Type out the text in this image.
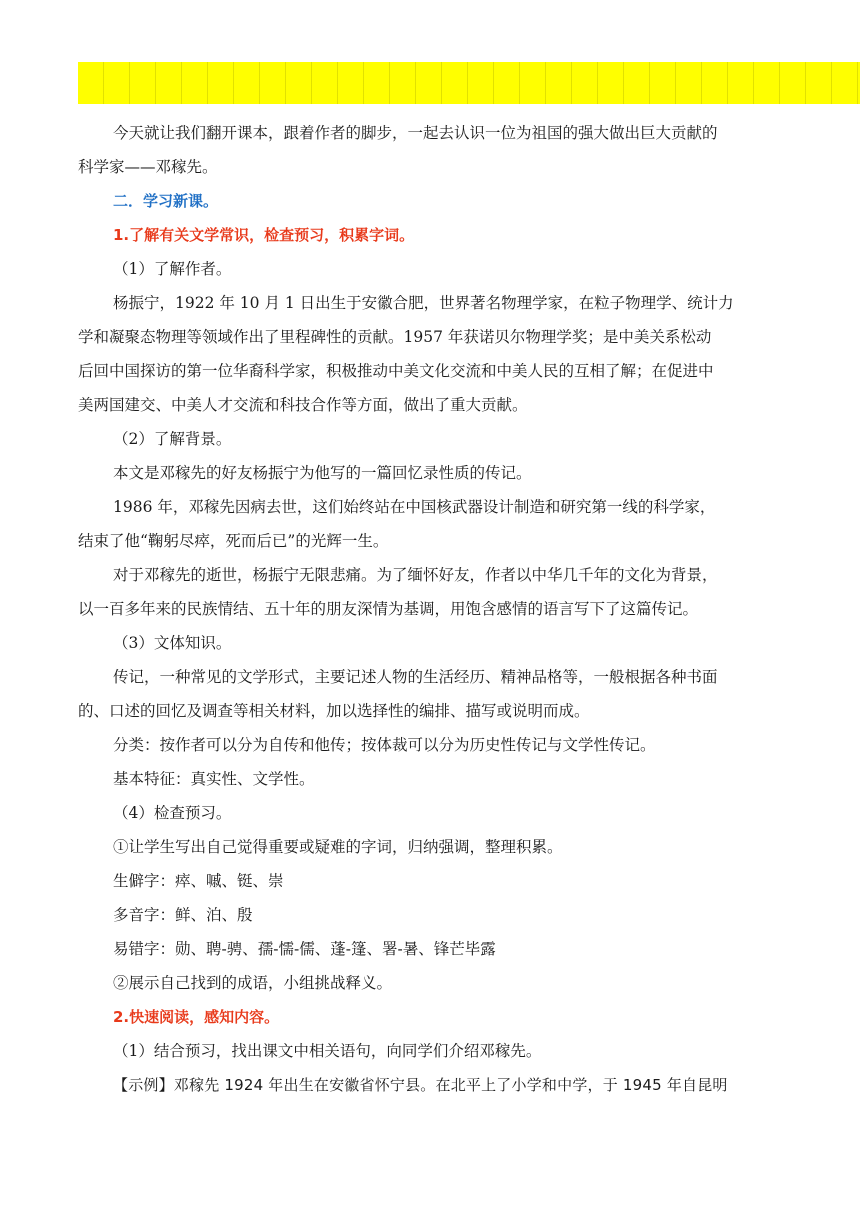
今天就让我们翻开课本，跟着作者的脚步，一起去认识一位为祖国的强大做出巨大贡献的
科学家——邓稼先。
二．学习新课。
1.了解有关文学常识，检查预习，积累字词。
（1）了解作者。
杨振宁，1922 年 10 月 1 日出生于安徽合肥，世界著名物理学家，在粒子物理学、统计力
学和凝聚态物理等领域作出了里程碑性的贡献。1957 年获诺贝尔物理学奖；是中美关系松动
后回中国探访的第一位华裔科学家，积极推动中美文化交流和中美人民的互相了解；在促进中
美两国建交、中美人才交流和科技合作等方面，做出了重大贡献。
（2）了解背景。
本文是邓稼先的好友杨振宁为他写的一篇回忆录性质的传记。
1986 年，邓稼先因病去世，这们始终站在中国核武器设计制造和研究第一线的科学家，
结束了他“鞠躬尽瘁，死而后已”的光辉一生。
对于邓稼先的逝世，杨振宁无限悲痛。为了缅怀好友，作者以中华几千年的文化为背景，
以一百多年来的民族情结、五十年的朋友深情为基调，用饱含感情的语言写下了这篇传记。
（3）文体知识。
传记，一种常见的文学形式，主要记述人物的生活经历、精神品格等，一般根据各种书面
的、口述的回忆及调查等相关材料，加以选择性的编排、描写或说明而成。
分类：按作者可以分为自传和他传；按体裁可以分为历史性传记与文学性传记。
基本特征：真实性、文学性。
（4）检查预习。
①让学生写出自己觉得重要或疑难的字词，归纳强调，整理积累。
生僻字：瘁、嘁、铤、崇
多音字：鲜、泊、殷
易错字：勋、聘-骋、孺-懦-儒、蓬-篷、署-暑、锋芒毕露
②展示自己找到的成语，小组挑战释义。
2.快速阅读，感知内容。
（1）结合预习，找出课文中相关语句，向同学们介绍邓稼先。
【示例】邓稼先 1924 年出生在安徽省怀宁县。在北平上了小学和中学，于 1945 年自昆明
